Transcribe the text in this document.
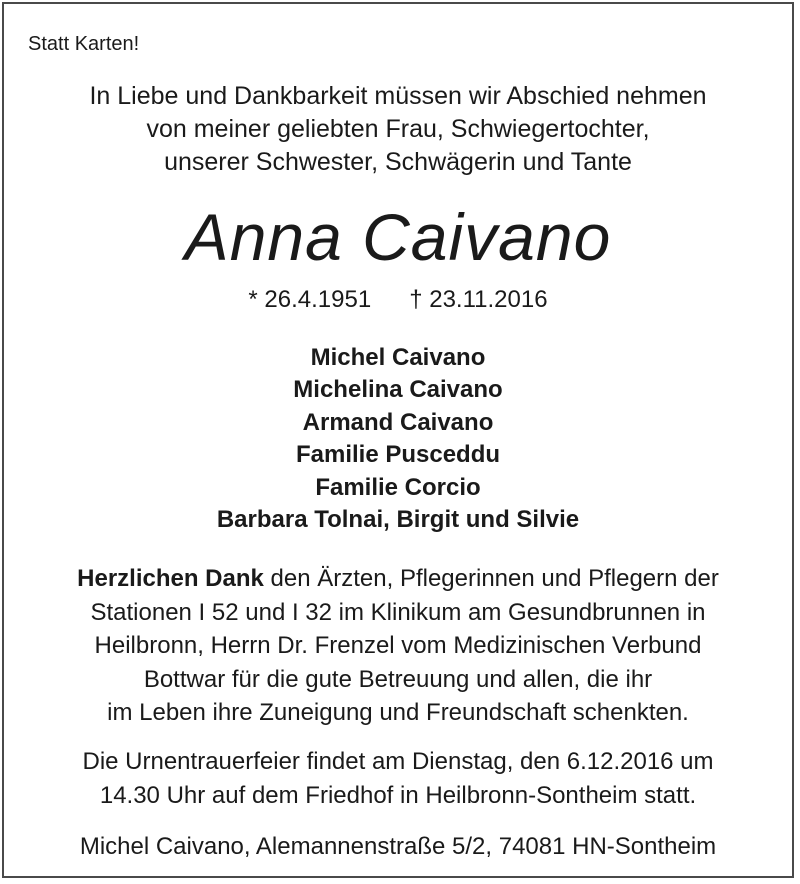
Statt Karten!
In Liebe und Dankbarkeit müssen wir Abschied nehmen
von meiner geliebten Frau, Schwiegertochter,
unserer Schwester, Schwägerin und Tante
Anna Caivano
* 26.4.1951 † 23.11.2016
Michel Caivano
Michelina Caivano
Armand Caivano
Familie Pusceddu
Familie Corcio
Barbara Tolnai, Birgit und Silvie
Herzlichen Dank den Ärzten, Pflegerinnen und Pflegern der
Stationen I 52 und I 32 im Klinikum am Gesundbrunnen in
Heilbronn, Herrn Dr. Frenzel vom Medizinischen Verbund
Bottwar für die gute Betreuung und allen, die ihr
im Leben ihre Zuneigung und Freundschaft schenkten.
Die Urnentrauerfeier findet am Dienstag, den 6.12.2016 um
14.30 Uhr auf dem Friedhof in Heilbronn-Sontheim statt.
Michel Caivano, Alemannenstraße 5/2, 74081 HN-Sontheim
